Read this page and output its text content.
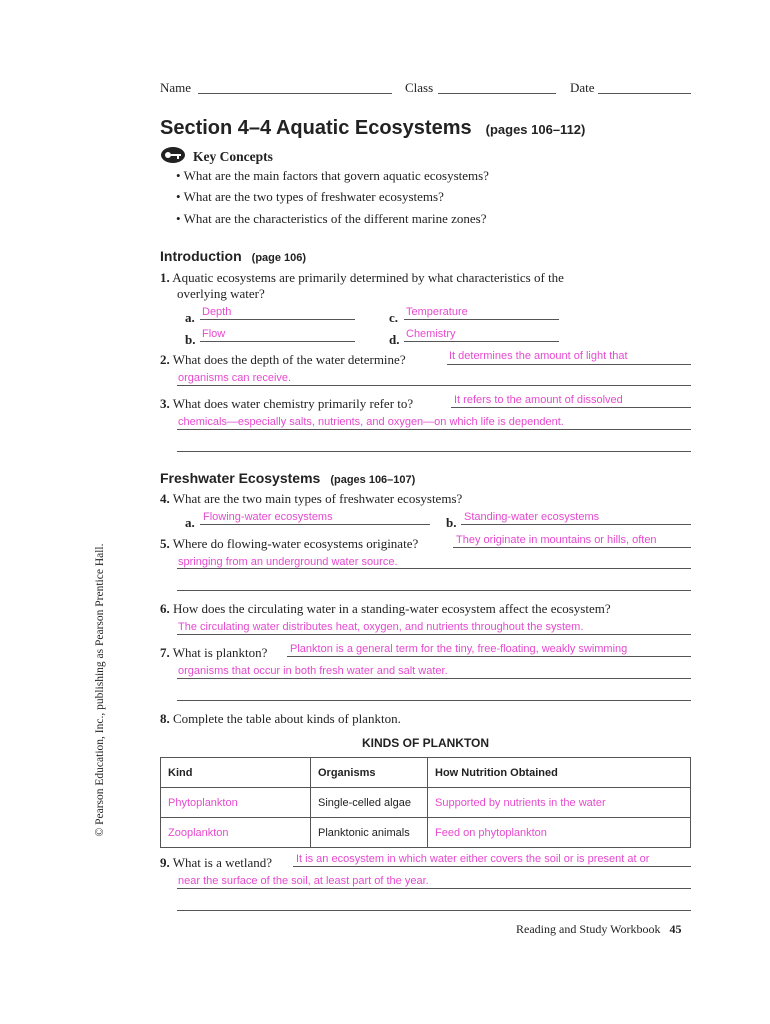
Name	Class	Date
Section 4–4 Aquatic Ecosystems (pages 106–112)
Key Concepts
• What are the main factors that govern aquatic ecosystems?
• What are the two types of freshwater ecosystems?
• What are the characteristics of the different marine zones?
Introduction (page 106)
1. Aquatic ecosystems are primarily determined by what characteristics of the
overlying water?
a. Depth	c. Temperature
b. Flow	d. Chemistry
2. What does the depth of the water determine?	It determines the amount of light that
organisms can receive.
3. What does water chemistry primarily refer to?	It refers to the amount of dissolved
chemicals—especially salts, nutrients, and oxygen—on which life is dependent.
Freshwater Ecosystems (pages 106–107)
4. What are the two main types of freshwater ecosystems?
a. Flowing-water ecosystems	b. Standing-water ecosystems
5. Where do flowing-water ecosystems originate?	They originate in mountains or hills, often
springing from an underground water source.
6. How does the circulating water in a standing-water ecosystem affect the ecosystem?
The circulating water distributes heat, oxygen, and nutrients throughout the system.
7. What is plankton? Plankton is a general term for the tiny, free-floating, weakly swimming
organisms that occur in both fresh water and salt water.
8. Complete the table about kinds of plankton.
KINDS OF PLANKTON
Kind	Organisms	How Nutrition Obtained
Phytoplankton	Single-celled algae	Supported by nutrients in the water
Zooplankton	Planktonic animals	Feed on phytoplankton
9. What is a wetland? It is an ecosystem in which water either covers the soil or is present at or
near the surface of the soil, at least part of the year.
© Pearson Education, Inc., publishing as Pearson Prentice Hall.
Reading and Study Workbook 45
